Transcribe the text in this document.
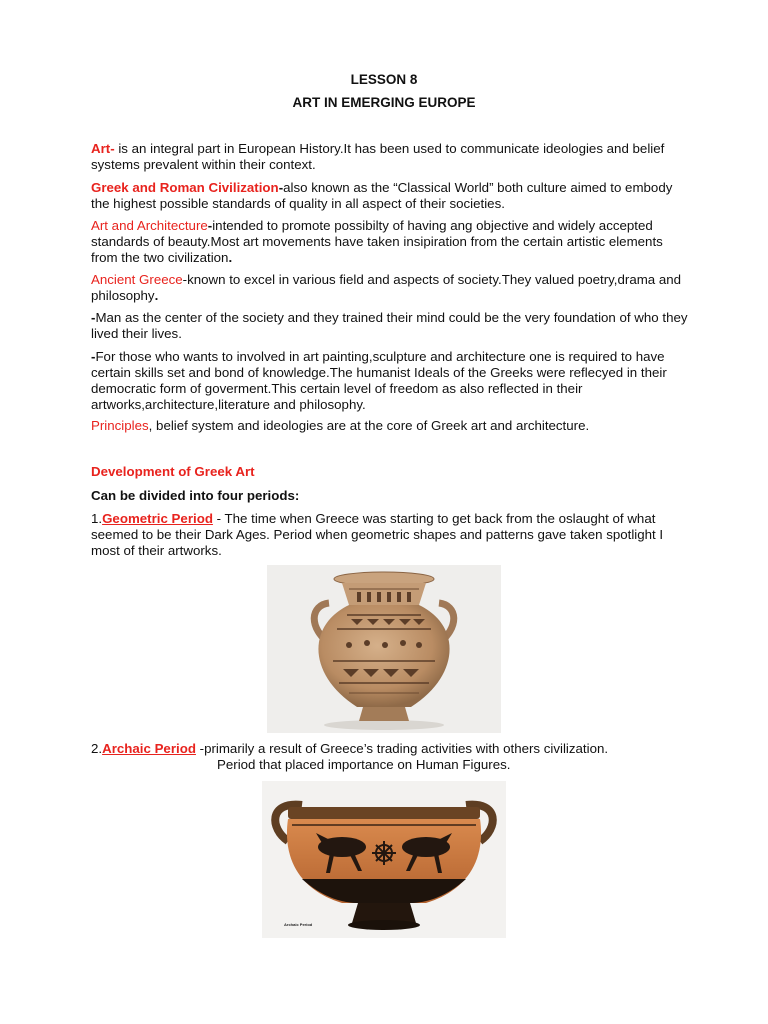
LESSON 8
ART IN EMERGING EUROPE

Art- is an integral part in European History.It has been used to communicate ideologies and belief systems prevalent within their context.

Greek and Roman Civilization-also known as the “Classical World” both culture aimed to embody the highest possible standards of quality in all aspect of their societies.

Art and Architecture-intended to promote possibilty of having ang objective and widely accepted standards of beauty.Most art movements have taken insipiration from the certain artistic elements from the two civilization.

Ancient Greece-known to excel in various field and aspects of society.They valued poetry,drama and philosophy.

-Man as the center of the society and they trained their mind could be the very foundation of who they lived their lives.

-For those who wants to involved in art painting,sculpture and architecture one is required to have certain skills set and bond of knowledge.The humanist Ideals of the Greeks were reflecyed in their democratic form of goverment.This certain level of freedom as also reflected in their artworks,architecture,literature and philosophy.

Principles, belief system and ideologies are at the core of Greek art and architecture.

Development of Greek Art
Can be divided into four periods:

1.Geometric Period - The time when Greece was starting to get back from the oslaught of what seemed to be their Dark Ages. Period when geometric shapes and patterns gave taken spotlight I most of their artworks.

2.Archaic Period -primarily a result of Greece’s trading activities with others civilization.
Period that placed importance on Human Figures.

Archaic Period
